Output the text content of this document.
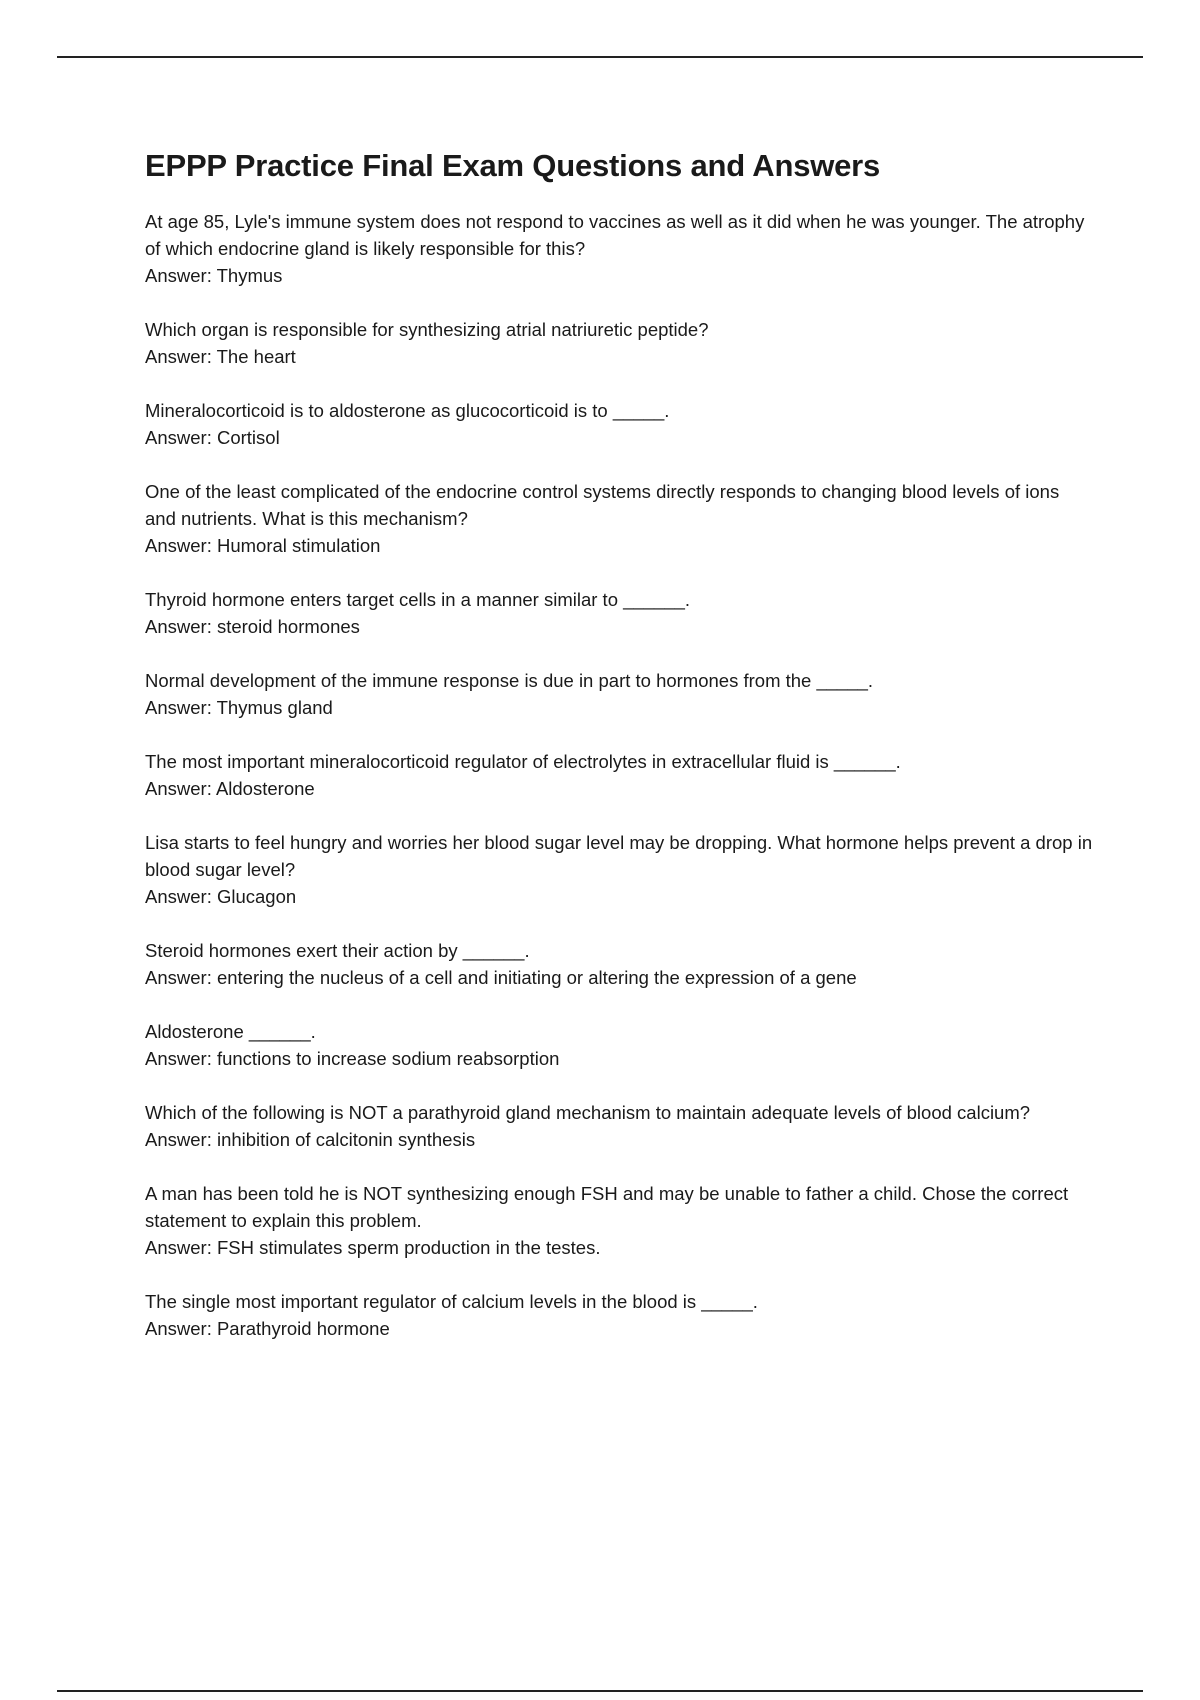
EPPP Practice Final Exam Questions and Answers

At age 85, Lyle's immune system does not respond to vaccines as well as it did when he was younger. The atrophy of which endocrine gland is likely responsible for this?

Answer: Thymus

Which organ is responsible for synthesizing atrial natriuretic peptide?

Answer: The heart

Mineralocorticoid is to aldosterone as glucocorticoid is to _____.

Answer: Cortisol

One of the least complicated of the endocrine control systems directly responds to changing blood levels of ions and nutrients. What is this mechanism?

Answer: Humoral stimulation

Thyroid hormone enters target cells in a manner similar to ______.

Answer: steroid hormones

Normal development of the immune response is due in part to hormones from the _____.

Answer: Thymus gland

The most important mineralocorticoid regulator of electrolytes in extracellular fluid is ______.

Answer: Aldosterone

Lisa starts to feel hungry and worries her blood sugar level may be dropping. What hormone helps prevent a drop in blood sugar level?

Answer: Glucagon

Steroid hormones exert their action by ______.

Answer: entering the nucleus of a cell and initiating or altering the expression of a gene

Aldosterone ______.

Answer: functions to increase sodium reabsorption

Which of the following is NOT a parathyroid gland mechanism to maintain adequate levels of blood calcium?

Answer: inhibition of calcitonin synthesis

A man has been told he is NOT synthesizing enough FSH and may be unable to father a child. Chose the correct statement to explain this problem.

Answer: FSH stimulates sperm production in the testes.

The single most important regulator of calcium levels in the blood is _____.

Answer: Parathyroid hormone
